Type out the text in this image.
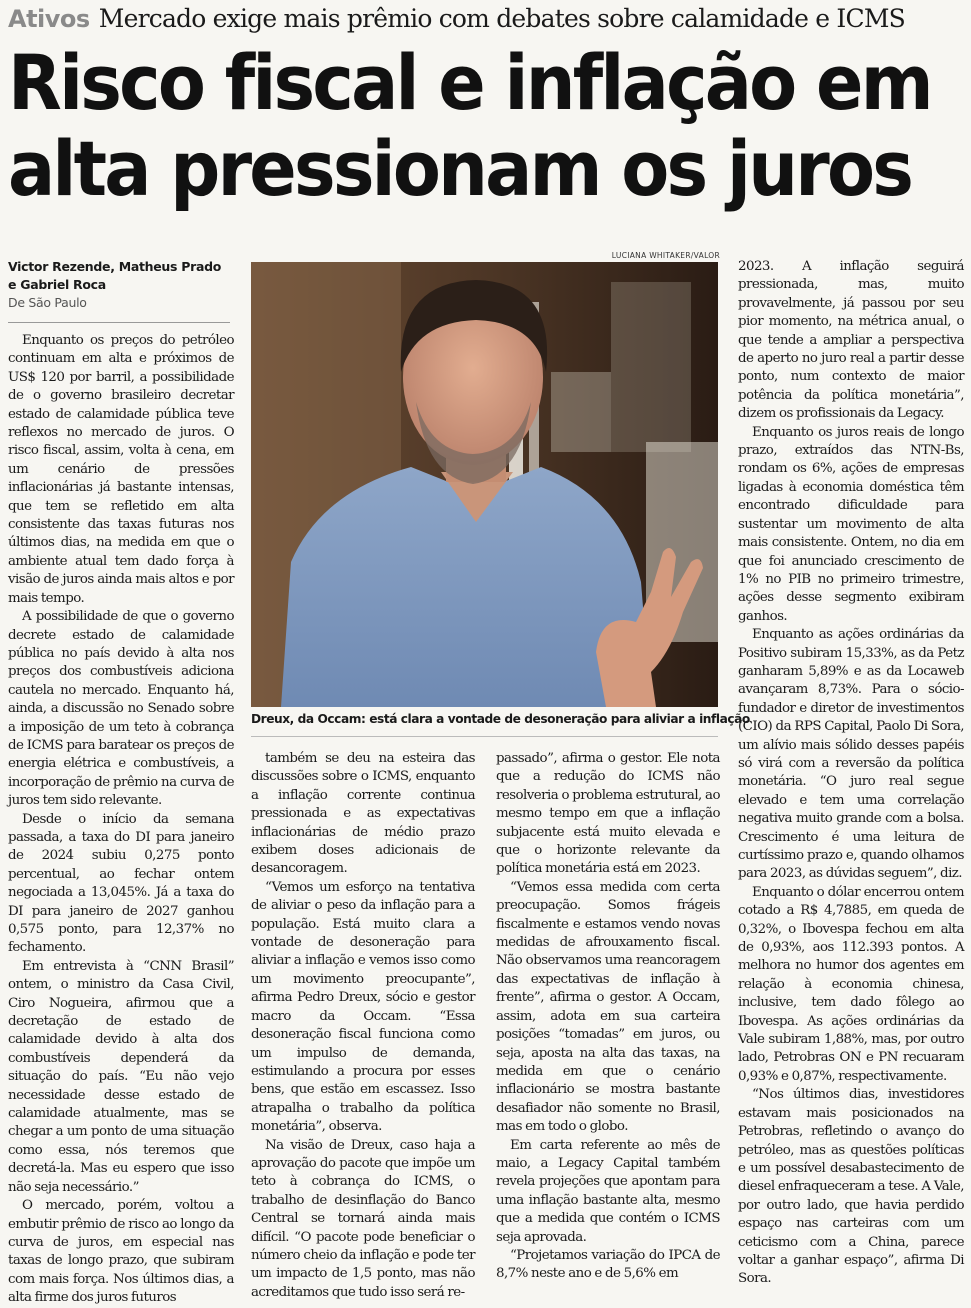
Ativos Mercado exige mais prêmio com debates sobre calamidade e ICMS
Risco fiscal e inflação em
alta pressionam os juros
Victor Rezende, Matheus Prado e Gabriel Roca
De São Paulo
LUCIANA WHITAKER/VALOR
Dreux, da Occam: está clara a vontade de desoneração para aliviar a inflação

Enquanto os preços do petróleo continuam em alta e próximos de US$ 120 por barril, a possibilidade de o governo brasileiro decretar estado de calamidade pública teve reflexos no mercado de juros. O risco fiscal, assim, volta à cena, em um cenário de pressões inflacionárias já bastante intensas, que tem se refletido em alta consistente das taxas futuras nos últimos dias, na medida em que o ambiente atual tem dado força à visão de juros ainda mais altos e por mais tempo.

A possibilidade de que o governo decrete estado de calamidade pública no país devido à alta nos preços dos combustíveis adiciona cautela no mercado. Enquanto há, ainda, a discussão no Senado sobre a imposição de um teto à cobrança de ICMS para baratear os preços de energia elétrica e combustíveis, a incorporação de prêmio na curva de juros tem sido relevante.

Desde o início da semana passada, a taxa do DI para janeiro de 2024 subiu 0,275 ponto percentual, ao fechar ontem negociada a 13,045%. Já a taxa do DI para janeiro de 2027 ganhou 0,575 ponto, para 12,37% no fechamento.

Em entrevista à “CNN Brasil” ontem, o ministro da Casa Civil, Ciro Nogueira, afirmou que a decretação de estado de calamidade devido à alta dos combustíveis dependerá da situação do país. “Eu não vejo necessidade desse estado de calamidade atualmente, mas se chegar a um ponto de uma situação como essa, nós teremos que decretá-la. Mas eu espero que isso não seja necessário.”

O mercado, porém, voltou a embutir prêmio de risco ao longo da curva de juros, em especial nas taxas de longo prazo, que subiram com mais força. Nos últimos dias, a alta firme dos juros futuros

também se deu na esteira das discussões sobre o ICMS, enquanto a inflação corrente continua pressionada e as expectativas inflacionárias de médio prazo exibem doses adicionais de desancoragem.

“Vemos um esforço na tentativa de aliviar o peso da inflação para a população. Está muito clara a vontade de desoneração para aliviar a inflação e vemos isso como um movimento preocupante”, afirma Pedro Dreux, sócio e gestor macro da Occam. “Essa desoneração fiscal funciona como um impulso de demanda, estimulando a procura por esses bens, que estão em escassez. Isso atrapalha o trabalho da política monetária”, observa.

Na visão de Dreux, caso haja a aprovação do pacote que impõe um teto à cobrança do ICMS, o trabalho de desinflação do Banco Central se tornará ainda mais difícil. “O pacote pode beneficiar o número cheio da inflação e pode ter um impacto de 1,5 ponto, mas não acreditamos que tudo isso será re-

passado”, afirma o gestor. Ele nota que a redução do ICMS não resolveria o problema estrutural, ao mesmo tempo em que a inflação subjacente está muito elevada e que o horizonte relevante da política monetária está em 2023.

“Vemos essa medida com certa preocupação. Somos frágeis fiscalmente e estamos vendo novas medidas de afrouxamento fiscal. Não observamos uma reancoragem das expectativas de inflação à frente”, afirma o gestor. A Occam, assim, adota em sua carteira posições “tomadas” em juros, ou seja, aposta na alta das taxas, na medida em que o cenário inflacionário se mostra bastante desafiador não somente no Brasil, mas em todo o globo.

Em carta referente ao mês de maio, a Legacy Capital também revela projeções que apontam para uma inflação bastante alta, mesmo que a medida que contém o ICMS seja aprovada.

“Projetamos variação do IPCA de 8,7% neste ano e de 5,6% em

2023. A inflação seguirá pressionada, mas, muito provavelmente, já passou por seu pior momento, na métrica anual, o que tende a ampliar a perspectiva de aperto no juro real a partir desse ponto, num contexto de maior potência da política monetária”, dizem os profissionais da Legacy.

Enquanto os juros reais de longo prazo, extraídos das NTN-Bs, rondam os 6%, ações de empresas ligadas à economia doméstica têm encontrado dificuldade para sustentar um movimento de alta mais consistente. Ontem, no dia em que foi anunciado crescimento de 1% no PIB no primeiro trimestre, ações desse segmento exibiram ganhos.

Enquanto as ações ordinárias da Positivo subiram 15,33%, as da Petz ganharam 5,89% e as da Locaweb avançaram 8,73%. Para o sócio-fundador e diretor de investimentos (CIO) da RPS Capital, Paolo Di Sora, um alívio mais sólido desses papéis só virá com a reversão da política monetária. “O juro real segue elevado e tem uma correlação negativa muito grande com a bolsa. Crescimento é uma leitura de curtíssimo prazo e, quando olhamos para 2023, as dúvidas seguem”, diz.

Enquanto o dólar encerrou ontem cotado a R$ 4,7885, em queda de 0,32%, o Ibovespa fechou em alta de 0,93%, aos 112.393 pontos. A melhora no humor dos agentes em relação à economia chinesa, inclusive, tem dado fôlego ao Ibovespa. As ações ordinárias da Vale subiram 1,88%, mas, por outro lado, Petrobras ON e PN recuaram 0,93% e 0,87%, respectivamente.

“Nos últimos dias, investidores estavam mais posicionados na Petrobras, refletindo o avanço do petróleo, mas as questões políticas e um possível desabastecimento de diesel enfraqueceram a tese. A Vale, por outro lado, que havia perdido espaço nas carteiras com um ceticismo com a China, parece voltar a ganhar espaço”, afirma Di Sora.
